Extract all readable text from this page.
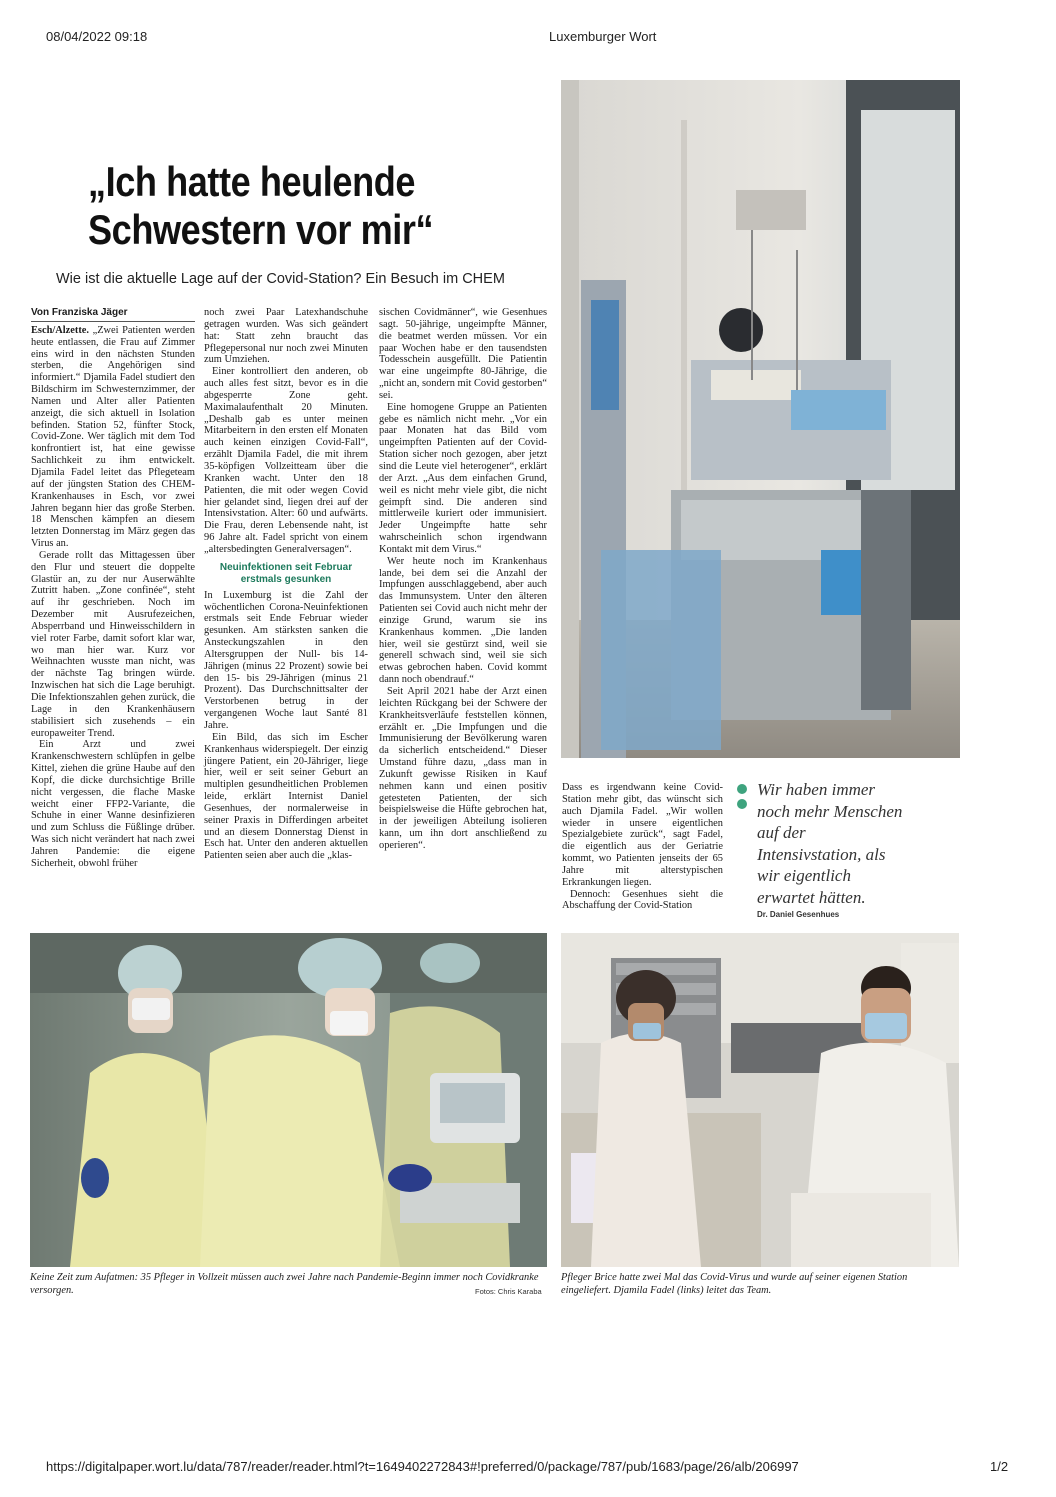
08/04/2022 09:18	Luxemburger Wort
„Ich hatte heulende
Schwestern vor mir“
Wie ist die aktuelle Lage auf der Covid-Station? Ein Besuch im CHEM
Von Franziska Jäger

Esch/Alzette. „Zwei Patienten werden heute entlassen, die Frau auf Zimmer eins wird in den nächsten Stunden sterben, die Angehörigen sind informiert.“ Djamila Fadel studiert den Bildschirm im Schwesternzimmer, der Namen und Alter aller Patienten anzeigt, die sich aktuell in Isolation befinden. Station 52, fünfter Stock, Covid-Zone. Wer täglich mit dem Tod konfrontiert ist, hat eine gewisse Sachlichkeit zu ihm entwickelt. Djamila Fadel leitet das Pflegeteam auf der jüngsten Station des CHEM-Krankenhauses in Esch, vor zwei Jahren begann hier das große Sterben. 18 Menschen kämpfen an diesem letzten Donnerstag im März gegen das Virus an.

Gerade rollt das Mittagessen über den Flur und steuert die doppelte Glastür an, zu der nur Auserwählte Zutritt haben. „Zone confinée“, steht auf ihr geschrieben. Noch im Dezember mit Ausrufezeichen, Absperrband und Hinweisschildern in viel roter Farbe, damit sofort klar war, wo man hier war. Kurz vor Weihnachten wusste man nicht, was der nächste Tag bringen würde. Inzwischen hat sich die Lage beruhigt. Die Infektionszahlen gehen zurück, die Lage in den Krankenhäusern stabilisiert sich zusehends – ein europaweiter Trend.

Ein Arzt und zwei Krankenschwestern schlüpfen in gelbe Kittel, ziehen die grüne Haube auf den Kopf, die dicke durchsichtige Brille nicht vergessen, die flache Maske weicht einer FFP2-Variante, die Schuhe in einer Wanne desinfizieren und zum Schluss die Füßlinge drüber. Was sich nicht verändert hat nach zwei Jahren Pandemie: die eigene Sicherheit, obwohl früher

noch zwei Paar Latexhandschuhe getragen wurden. Was sich geändert hat: Statt zehn braucht das Pflegepersonal nur noch zwei Minuten zum Umziehen.

Einer kontrolliert den anderen, ob auch alles fest sitzt, bevor es in die abgesperrte Zone geht. Maximalaufenthalt 20 Minuten. „Deshalb gab es unter meinen Mitarbeitern in den ersten elf Monaten auch keinen einzigen Covid-Fall“, erzählt Djamila Fadel, die mit ihrem 35-köpfigen Vollzeitteam über die Kranken wacht. Unter den 18 Patienten, die mit oder wegen Covid hier gelandet sind, liegen drei auf der Intensivstation. Alter: 60 und aufwärts. Die Frau, deren Lebensende naht, ist 96 Jahre alt. Fadel spricht von einem „altersbedingten Generalversagen“.

Neuinfektionen seit Februar
erstmals gesunken

In Luxemburg ist die Zahl der wöchentlichen Corona-Neuinfektionen erstmals seit Ende Februar wieder gesunken. Am stärksten sanken die Ansteckungszahlen in den Altersgruppen der Null- bis 14-Jährigen (minus 22 Prozent) sowie bei den 15- bis 29-Jährigen (minus 21 Prozent). Das Durchschnittsalter der Verstorbenen betrug in der vergangenen Woche laut Santé 81 Jahre.

Ein Bild, das sich im Escher Krankenhaus widerspiegelt. Der einzig jüngere Patient, ein 20-Jähriger, liege hier, weil er seit seiner Geburt an multiplen gesundheitlichen Problemen leide, erklärt Internist Daniel Gesenhues, der normalerweise in seiner Praxis in Differdingen arbeitet und an diesem Donnerstag Dienst in Esch hat. Unter den anderen aktuellen Patienten seien aber auch die „klas-

sischen Covidmänner“, wie Gesenhues sagt. 50-jährige, ungeimpfte Männer, die beatmet werden müssen. Vor ein paar Wochen habe er den tausendsten Todesschein ausgefüllt. Die Patientin war eine ungeimpfte 80-Jährige, die „nicht an, sondern mit Covid gestorben“ sei.

Eine homogene Gruppe an Patienten gebe es nämlich nicht mehr. „Vor ein paar Monaten hat das Bild vom ungeimpften Patienten auf der Covid-Station sicher noch gezogen, aber jetzt sind die Leute viel heterogener“, erklärt der Arzt. „Aus dem einfachen Grund, weil es nicht mehr viele gibt, die nicht geimpft sind. Die anderen sind mittlerweile kuriert oder immunisiert. Jeder Ungeimpfte hatte sehr wahrscheinlich schon irgendwann Kontakt mit dem Virus.“

Wer heute noch im Krankenhaus lande, bei dem sei die Anzahl der Impfungen ausschlaggebend, aber auch das Immunsystem. Unter den älteren Patienten sei Covid auch nicht mehr der einzige Grund, warum sie ins Krankenhaus kommen. „Die landen hier, weil sie gestürzt sind, weil sie generell schwach sind, weil sie sich etwas gebrochen haben. Covid kommt dann noch obendrauf.“

Seit April 2021 habe der Arzt einen leichten Rückgang bei der Schwere der Krankheitsverläufe feststellen können, erzählt er. „Die Impfungen und die Immunisierung der Bevölkerung waren da sicherlich entscheidend.“ Dieser Umstand führe dazu, „dass man in Zukunft gewisse Risiken in Kauf nehmen kann und einen positiv getesteten Patienten, der sich beispielsweise die Hüfte gebrochen hat, in der jeweiligen Abteilung isolieren kann, um ihn dort anschließend zu operieren“.

Dass es irgendwann keine Covid-Station mehr gibt, das wünscht sich auch Djamila Fadel. „Wir wollen wieder in unsere eigentlichen Spezialgebiete zurück“, sagt Fadel, die eigentlich aus der Geriatrie kommt, wo Patienten jenseits der 65 Jahre mit alterstypischen Erkrankungen liegen.

Dennoch: Gesenhues sieht die Abschaffung der Covid-Station

Wir haben immer noch mehr Menschen auf der Intensivstation, als wir eigentlich erwartet hätten.
Dr. Daniel Gesenhues
Keine Zeit zum Aufatmen: 35 Pfleger in Vollzeit müssen auch zwei Jahre nach Pandemie-Beginn immer noch Covidkranke versorgen.	Fotos: Chris Karaba
Pfleger Brice hatte zwei Mal das Covid-Virus und wurde auf seiner eigenen Station eingeliefert. Djamila Fadel (links) leitet das Team.
https://digitalpaper.wort.lu/data/787/reader/reader.html?t=1649402272843#!preferred/0/package/787/pub/1683/page/26/alb/206997	1/2
